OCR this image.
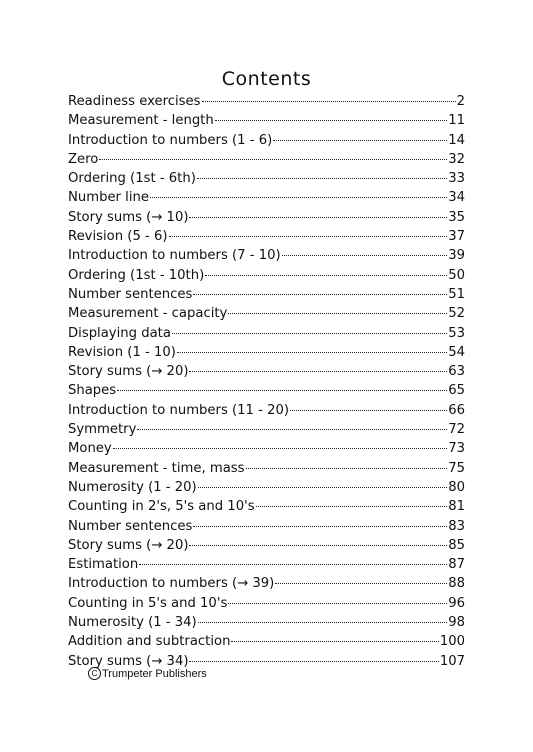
Contents
Readiness exercises	2
Measurement - length	11
Introduction to numbers (1 - 6)	14
Zero	32
Ordering (1st - 6th)	33
Number line	34
Story sums (→ 10)	35
Revision (5 - 6)	37
Introduction to numbers (7 - 10)	39
Ordering (1st - 10th)	50
Number sentences	51
Measurement - capacity	52
Displaying data	53
Revision (1 - 10)	54
Story sums (→ 20)	63
Shapes	65
Introduction to numbers (11 - 20)	66
Symmetry	72
Money	73
Measurement - time, mass	75
Numerosity (1 - 20)	80
Counting in 2's, 5's and 10's	81
Number sentences	83
Story sums (→ 20)	85
Estimation	87
Introduction to numbers (→ 39)	88
Counting in 5's and 10's	96
Numerosity (1 - 34)	98
Addition and subtraction	100
Story sums (→ 34)	107
C Trumpeter Publishers
